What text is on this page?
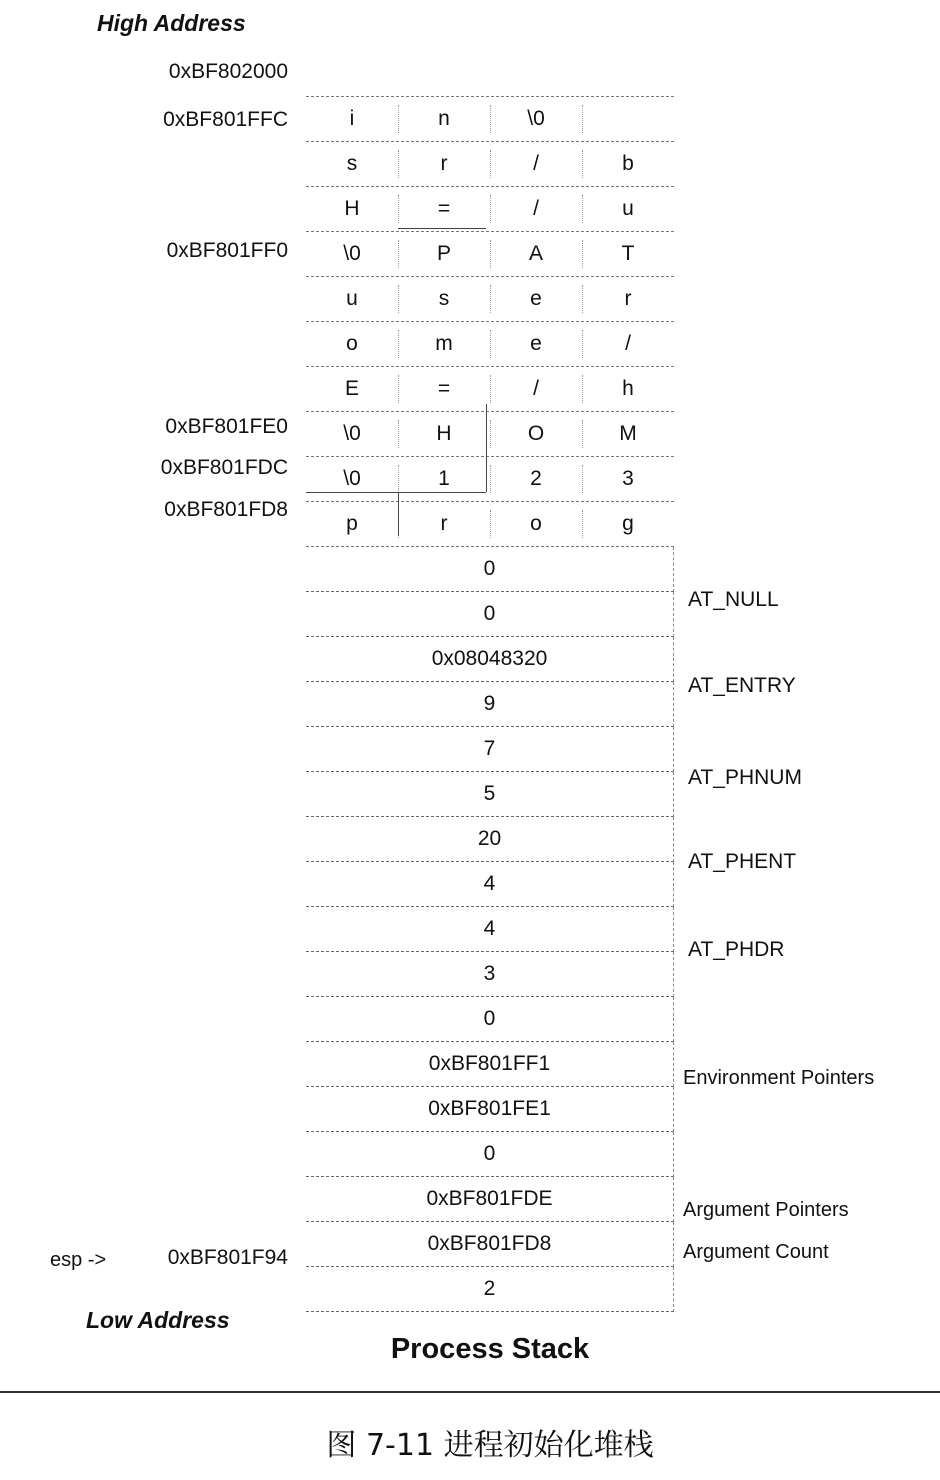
High Address
Low Address
0xBF802000
0xBF801FFC
0xBF801FF0
0xBF801FE0
0xBF801FDC
0xBF801FD8
esp ->	0xBF801F94
i	n	\0
s	r	/	b
H	=	/	u
\0	P	A	T
u	s	e	r
o	m	e	/
E	=	/	h
\0	H	O	M
\0	1	2	3
p	r	o	g
0
0
0x08048320
9
7
5
20
4
4
3
0
0xBF801FF1
0xBF801FE1
0
0xBF801FDE
0xBF801FD8
2
AT_NULL
AT_ENTRY
AT_PHNUM
AT_PHENT
AT_PHDR
Environment Pointers
Argument Pointers
Argument Count
Process Stack
图 7-11 进程初始化堆栈
